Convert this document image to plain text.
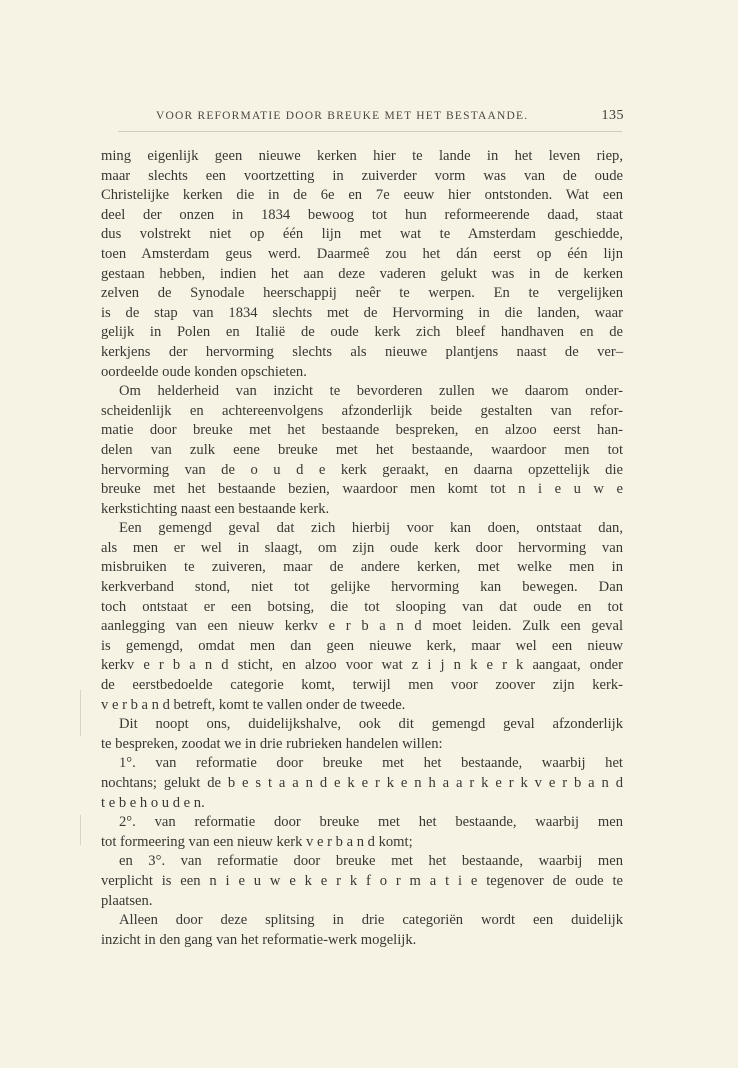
VOOR REFORMATIE DOOR BREUKE MET HET BESTAANDE.	135
ming eigenlijk geen nieuwe kerken hier te lande in het leven riep,
maar slechts een voortzetting in zuiverder vorm was van de oude
Christelijke kerken die in de 6e en 7e eeuw hier ontstonden. Wat een
deel der onzen in 1834 bewoog tot hun reformeerende daad, staat
dus volstrekt niet op één lijn met wat te Amsterdam geschiedde,
toen Amsterdam geus werd. Daarmeê zou het dán eerst op één lijn
gestaan hebben, indien het aan deze vaderen gelukt was in de kerken
zelven de Synodale heerschappij neêr te werpen. En te vergelijken
is de stap van 1834 slechts met de Hervorming in die landen, waar
gelijk in Polen en Italië de oude kerk zich bleef handhaven en de
kerkjens der hervorming slechts als nieuwe plantjens naast de ver–
oordeelde oude konden opschieten.
Om helderheid van inzicht te bevorderen zullen we daarom onder-
scheidenlijk en achtereenvolgens afzonderlijk beide gestalten van refor-
matie door breuke met het bestaande bespreken, en alzoo eerst han-
delen van zulk eene breuke met het bestaande, waardoor men tot
hervorming van de o u d e kerk geraakt, en daarna opzettelijk die
breuke met het bestaande bezien, waardoor men komt tot n i e u w e
kerkstichting naast een bestaande kerk.
Een gemengd geval dat zich hierbij voor kan doen, ontstaat dan,
als men er wel in slaagt, om zijn oude kerk door hervorming van
misbruiken te zuiveren, maar de andere kerken, met welke men in
kerkverband stond, niet tot gelijke hervorming kan bewegen. Dan
toch ontstaat er een botsing, die tot slooping van dat oude en tot
aanlegging van een nieuw kerkv e r b a n d moet leiden. Zulk een geval
is gemengd, omdat men dan geen nieuwe kerk, maar wel een nieuw
kerkv e r b a n d sticht, en alzoo voor wat z i j n k e r k aangaat, onder
de eerstbedoelde categorie komt, terwijl men voor zoover zijn kerk-
v e r b a n d betreft, komt te vallen onder de tweede.
Dit noopt ons, duidelijkshalve, ook dit gemengd geval afzonderlijk
te bespreken, zoodat we in drie rubrieken handelen willen:
1°. van reformatie door breuke met het bestaande, waarbij het
nochtans; gelukt de b e s t a a n d e k e r k e n h a a r k e r k v e r b a n d
t e b e h o u d e n.
2°. van reformatie door breuke met het bestaande, waarbij men
tot formeering van een nieuw kerk v e r b a n d komt;
en 3°. van reformatie door breuke met het bestaande, waarbij men
verplicht is een n i e u w e k e r k f o r m a t i e tegenover de oude te
plaatsen.
Alleen door deze splitsing in drie categoriën wordt een duidelijk
inzicht in den gang van het reformatie-werk mogelijk.
